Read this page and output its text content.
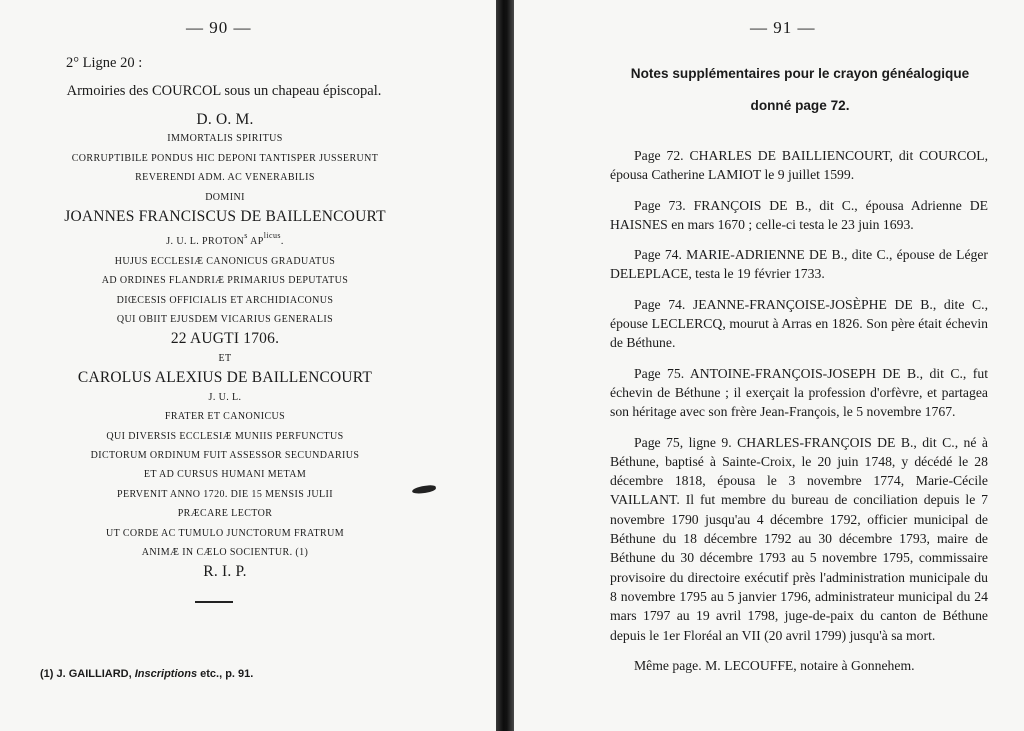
— 90 —
2° Ligne 20 :
Armoiries des COURCOL sous un chapeau épiscopal.
D. O. M.
IMMORTALIS SPIRITUS
CORRUPTIBILE PONDUS HIC DEPONI TANTISPER JUSSERUNT
REVERENDI ADM. AC VENERABILIS
DOMINI
JOANNES FRANCISCUS DE BAILLENCOURT
J. U. L. PROTON$^s$ $AP^{licus}$.
HUJUS ECCLESIÆ CANONICUS GRADUATUS
AD ORDINES FLANDRIÆ PRIMARIUS DEPUTATUS
DIŒCESIS OFFICIALIS ET ARCHIDIACONUS
QUI OBIIT EJUSDEM VICARIUS GENERALIS
22 AUGTI 1706.
ET
CAROLUS ALEXIUS DE BAILLENCOURT
J. U. L.
FRATER ET CANONICUS
QUI DIVERSIS ECCLESIÆ MUNIIS PERFUNCTUS
DICTORUM ORDINUM FUIT ASSESSOR SECUNDARIUS
ET AD CURSUS HUMANI METAM
PERVENIT ANNO 1720. DIE 15 MENSIS JULII
PRÆCARE LECTOR
UT CORDE AC TUMULO JUNCTORUM FRATRUM
ANIMÆ IN CÆLO SOCIENTUR. (1)
R. I. P.
(1) J. GAILLIARD, Inscriptions etc., p. 91.
— 91 —
Notes supplémentaires pour le crayon généalogique
donné page 72.

Page 72. CHARLES DE BAILLIENCOURT, dit COURCOL, épousa Catherine LAMIOT le 9 juillet 1599.

Page 73. FRANÇOIS DE B., dit C., épousa Adrienne DE HAISNES en mars 1670 ; celle-ci testa le 23 juin 1693.

Page 74. MARIE-ADRIENNE DE B., dite C., épouse de Léger DELEPLACE, testa le 19 février 1733.

Page 74. JEANNE-FRANÇOISE-JOSÈPHE DE B., dite C., épouse LECLERCQ, mourut à Arras en 1826. Son père était échevin de Béthune.

Page 75. ANTOINE-FRANÇOIS-JOSEPH DE B., dit C., fut échevin de Béthune ; il exerçait la profession d'orfèvre, et partagea son héritage avec son frère Jean-François, le 5 novembre 1767.

Page 75, ligne 9. CHARLES-FRANÇOIS DE B., dit C., né à Béthune, baptisé à Sainte-Croix, le 20 juin 1748, y décédé le 28 décembre 1818, épousa le 3 novembre 1774, Marie-Cécile VAILLANT. Il fut membre du bureau de conciliation depuis le 7 novembre 1790 jusqu'au 4 décembre 1792, officier municipal de Béthune du 18 décembre 1792 au 30 décembre 1793, maire de Béthune du 30 décembre 1793 au 5 novembre 1795, commissaire provisoire du directoire exécutif près l'administration municipale du 8 novembre 1795 au 5 janvier 1796, administrateur municipal du 24 mars 1797 au 19 avril 1798, juge-de-paix du canton de Béthune depuis le 1er Floréal an VII (20 avril 1799) jusqu'à sa mort.

Même page. M. LECOUFFE, notaire à Gonnehem.
